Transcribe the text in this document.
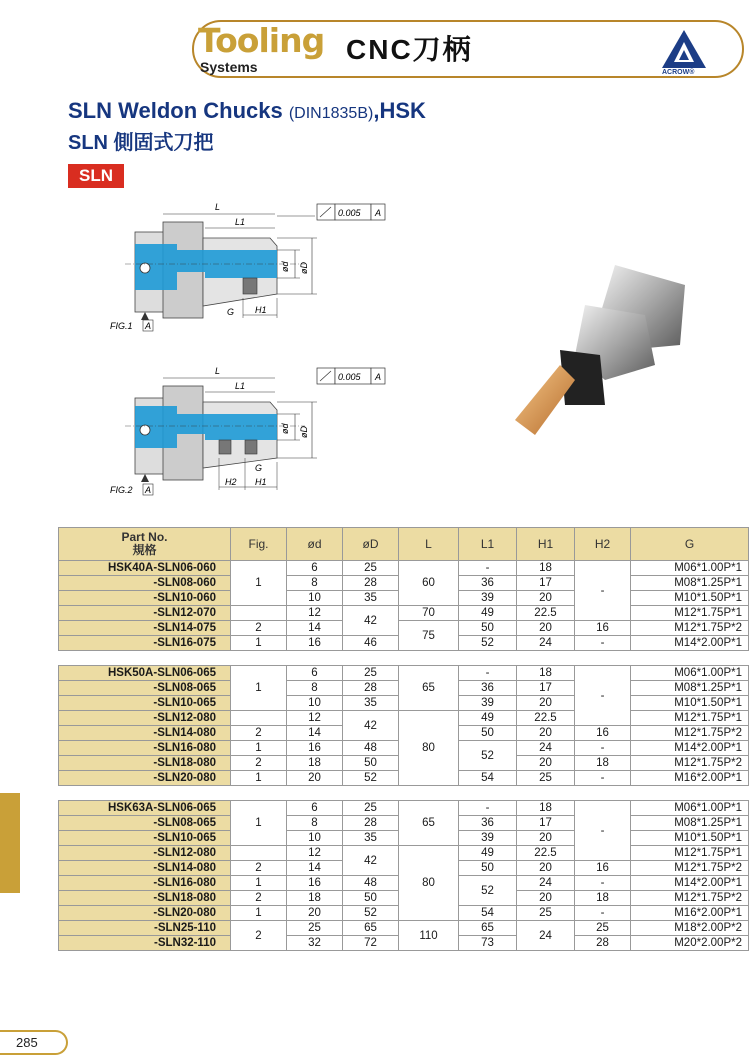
Tooling
Systems
CNC刀柄
ACROW®
SLN Weldon Chucks (DIN1835B),HSK
SLN 側固式刀把
SLN
ød øD
L
L1
H1
G
0.005 A
FIG.1 A
ød øD
L
L1
H2 H1
G
0.005 A
FIG.2 A
Part No.
規格	Fig.	ød	øD	L	L1	H1	H2	G
HSK40A-SLN06-060	1	6	25	60	-	18	-	M06*1.00P*1
-SLN08-060		8	28		36	17		M08*1.25P*1
-SLN10-060		10	35		39	20		M10*1.50P*1
-SLN12-070		12	42	70	49	22.5		M12*1.75P*1
-SLN14-075	2	14		75	50	20	16	M12*1.75P*2
-SLN16-075	1	16	46		52	24	-	M14*2.00P*1

HSK50A-SLN06-065	1	6	25	65	-	18	-	M06*1.00P*1
-SLN08-065		8	28		36	17		M08*1.25P*1
-SLN10-065		10	35		39	20		M10*1.50P*1
-SLN12-080		12	42	80	49	22.5		M12*1.75P*1
-SLN14-080	2	14			50	20	16	M12*1.75P*2
-SLN16-080	1	16	48		52	24	-	M14*2.00P*1
-SLN18-080	2	18	50			20	18	M12*1.75P*2
-SLN20-080	1	20	52		54	25	-	M16*2.00P*1

HSK63A-SLN06-065	1	6	25	65	-	18	-	M06*1.00P*1
-SLN08-065		8	28		36	17		M08*1.25P*1
-SLN10-065		10	35		39	20		M10*1.50P*1
-SLN12-080		12	42	80	49	22.5		M12*1.75P*1
-SLN14-080	2	14			50	20	16	M12*1.75P*2
-SLN16-080	1	16	48		52	24	-	M14*2.00P*1
-SLN18-080	2	18	50			20	18	M12*1.75P*2
-SLN20-080	1	20	52		54	25	-	M16*2.00P*1
-SLN25-110	2	25	65	110	65	24	25	M18*2.00P*2
-SLN32-110		32	72		73		28	M20*2.00P*2
285
